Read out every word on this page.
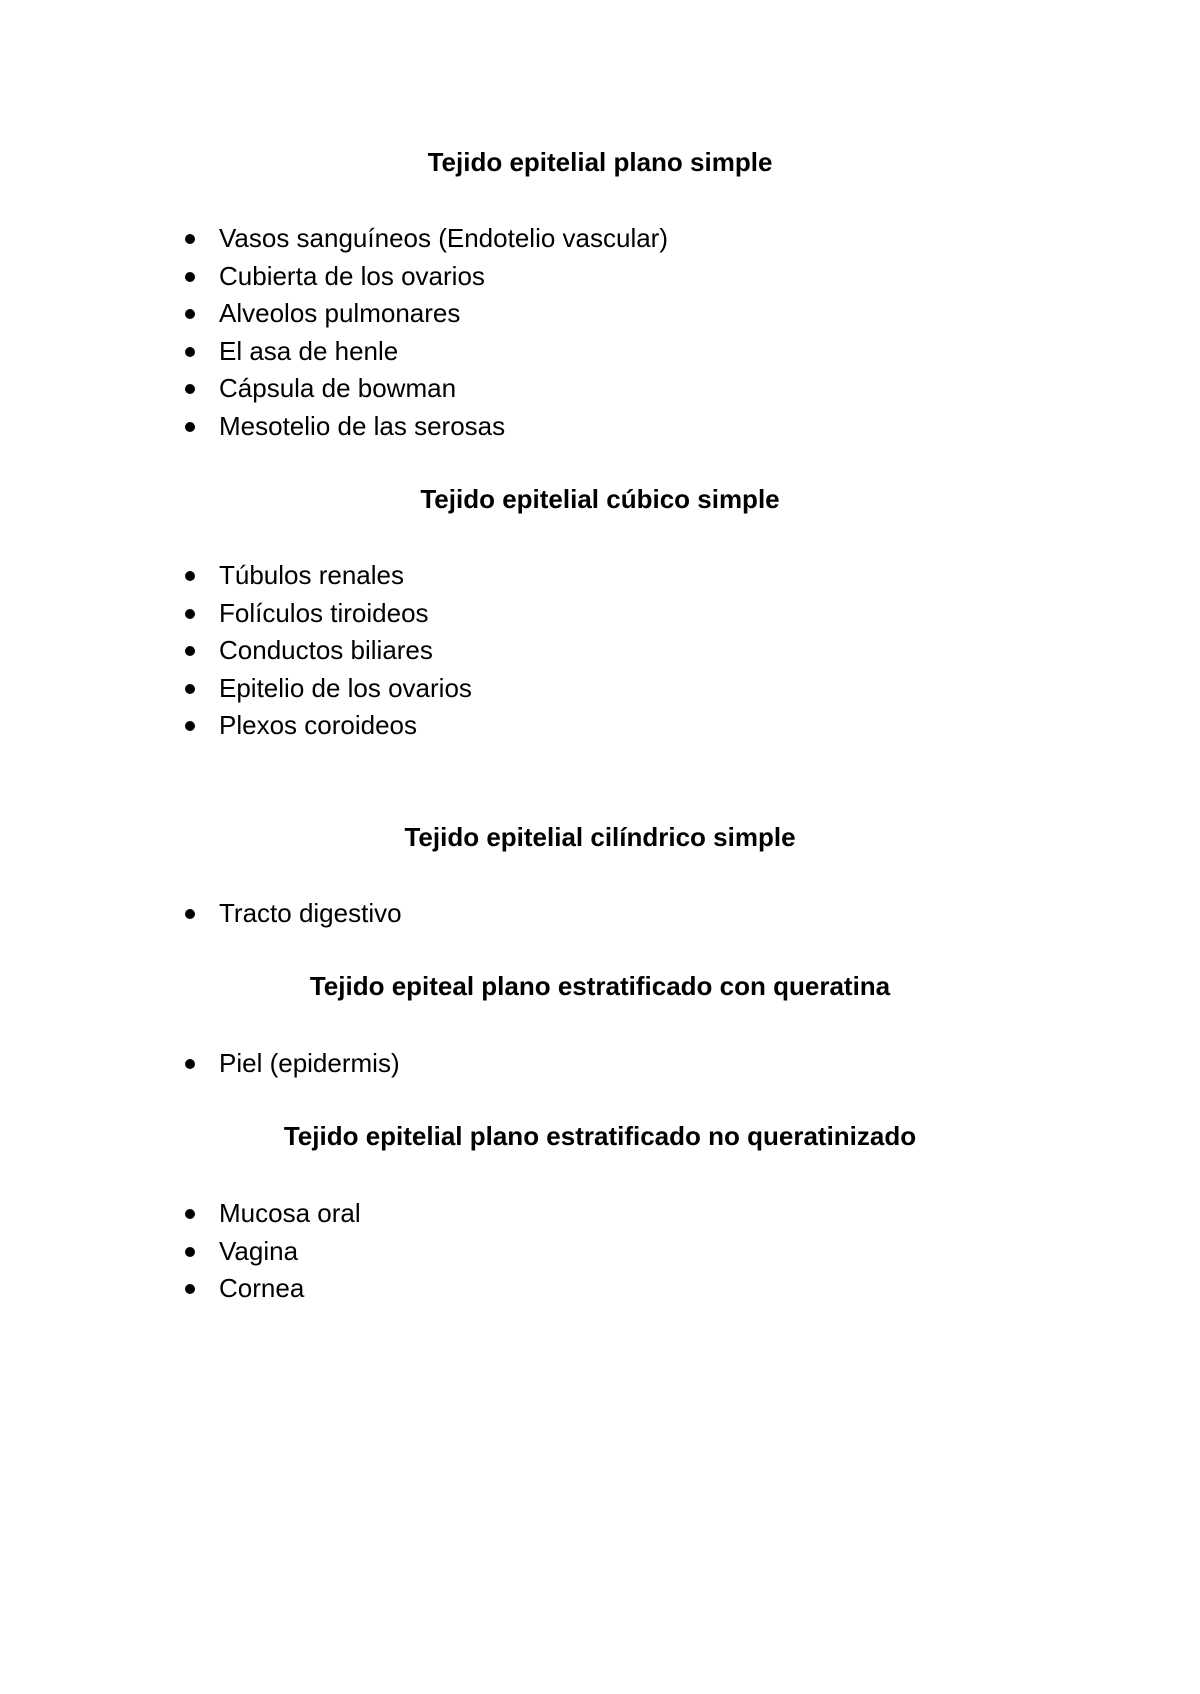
Tejido epitelial plano simple
Vasos sanguíneos (Endotelio vascular)
Cubierta de los ovarios
Alveolos pulmonares
El asa de henle
Cápsula de bowman
Mesotelio de las serosas
Tejido epitelial cúbico simple
Túbulos renales
Folículos tiroideos
Conductos biliares
Epitelio de los ovarios
Plexos coroideos
Tejido epitelial cilíndrico simple
Tracto digestivo
Tejido epiteal plano estratificado con queratina
Piel (epidermis)
Tejido epitelial plano estratificado no queratinizado
Mucosa oral
Vagina
Cornea
